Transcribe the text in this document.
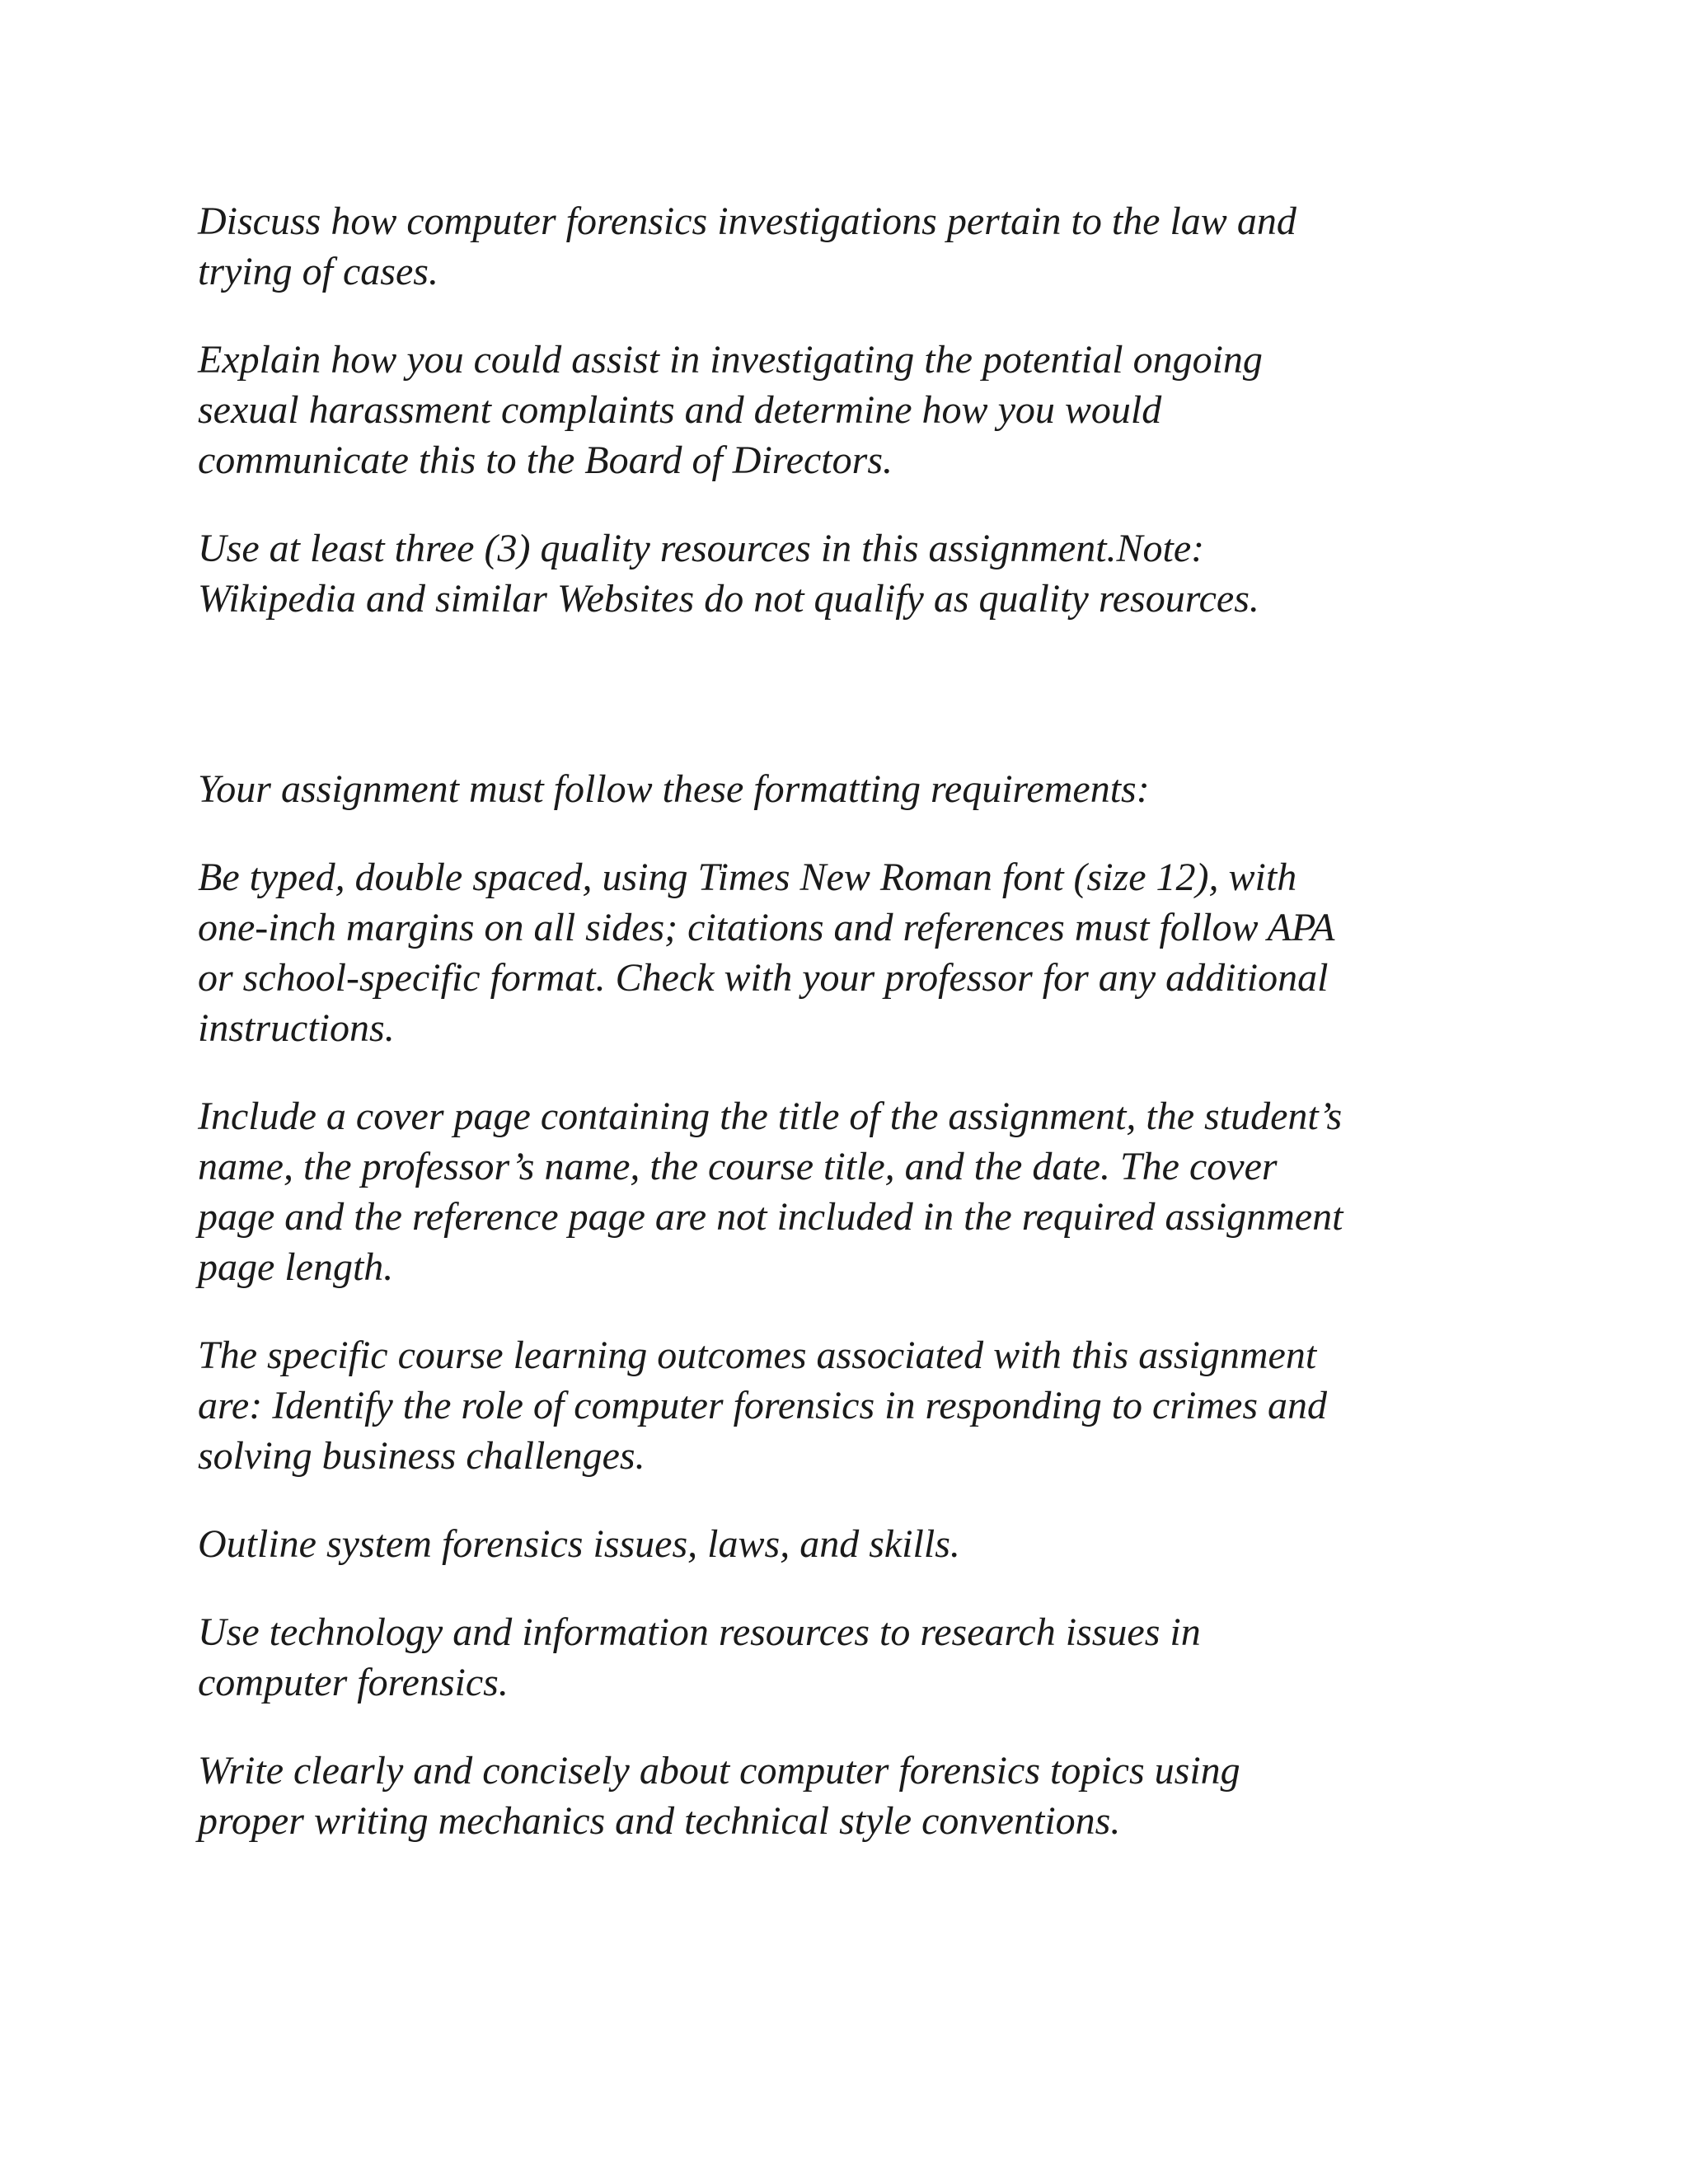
Discuss how computer forensics investigations pertain to the law and
trying of cases.

Explain how you could assist in investigating the potential ongoing
sexual harassment complaints and determine how you would
communicate this to the Board of Directors.

Use at least three (3) quality resources in this assignment.Note:
Wikipedia and similar Websites do not qualify as quality resources.

Your assignment must follow these formatting requirements:

Be typed, double spaced, using Times New Roman font (size 12), with
one-inch margins on all sides; citations and references must follow APA
or school-specific format. Check with your professor for any additional
instructions.

Include a cover page containing the title of the assignment, the student’s
name, the professor’s name, the course title, and the date. The cover
page and the reference page are not included in the required assignment
page length.

The specific course learning outcomes associated with this assignment
are: Identify the role of computer forensics in responding to crimes and
solving business challenges.

Outline system forensics issues, laws, and skills.

Use technology and information resources to research issues in
computer forensics.

Write clearly and concisely about computer forensics topics using
proper writing mechanics and technical style conventions.
